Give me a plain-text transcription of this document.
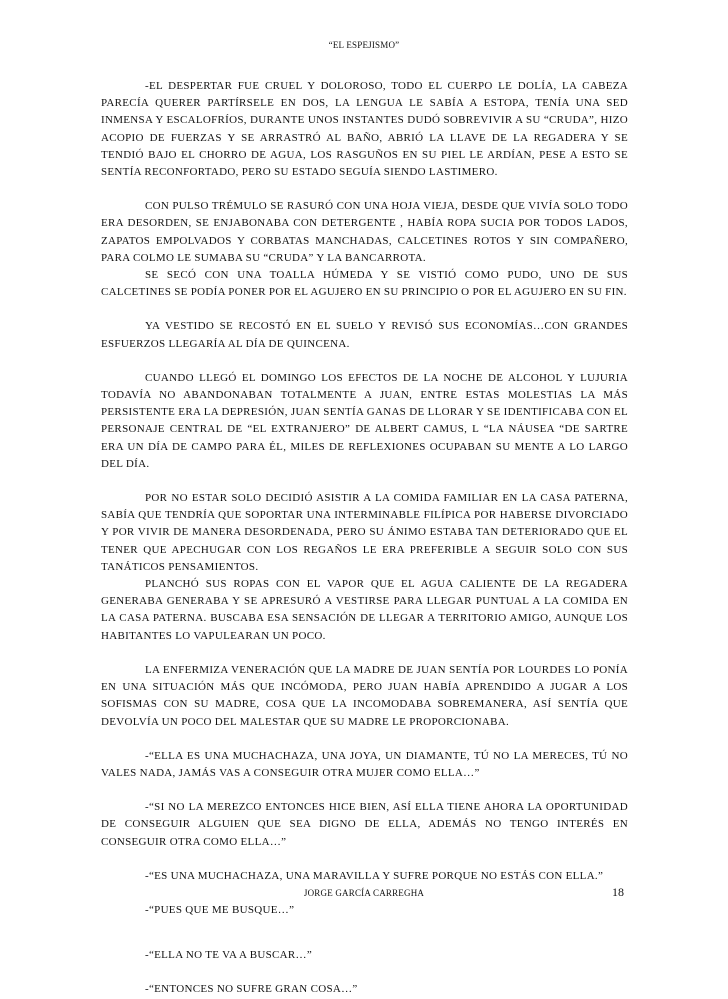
“EL ESPEJISMO”

-EL DESPERTAR FUE CRUEL Y DOLOROSO, TODO EL CUERPO LE DOLÍA, LA CABEZA PARECÍA QUERER PARTÍRSELE EN DOS, LA LENGUA LE SABÍA A ESTOPA, TENÍA UNA SED INMENSA Y ESCALOFRÍOS, DURANTE UNOS INSTANTES DUDÓ SOBREVIVIR A SU “CRUDA”, HIZO ACOPIO DE FUERZAS Y SE ARRASTRÓ AL BAÑO, ABRIÓ LA LLAVE DE LA REGADERA Y SE TENDIÓ BAJO EL CHORRO DE AGUA, LOS RASGUÑOS EN SU PIEL LE ARDÍAN, PESE A ESTO SE SENTÍA RECONFORTADO, PERO SU ESTADO SEGUÍA SIENDO LASTIMERO.

CON PULSO TRÉMULO SE RASURÓ CON UNA HOJA VIEJA, DESDE QUE VIVÍA SOLO TODO ERA DESORDEN, SE ENJABONABA CON DETERGENTE , HABÍA ROPA SUCIA POR TODOS LADOS, ZAPATOS EMPOLVADOS Y CORBATAS MANCHADAS, CALCETINES ROTOS Y SIN COMPAÑERO, PARA COLMO LE SUMABA SU “CRUDA” Y LA BANCARROTA.

SE SECÓ CON UNA TOALLA HÚMEDA Y SE VISTIÓ COMO PUDO, UNO DE SUS CALCETINES SE PODÍA PONER POR EL AGUJERO EN SU PRINCIPIO O POR EL AGUJERO EN SU FIN.

YA VESTIDO SE RECOSTÓ EN EL SUELO Y REVISÓ SUS ECONOMÍAS…CON GRANDES ESFUERZOS LLEGARÍA AL DÍA DE QUINCENA.

CUANDO LLEGÓ EL DOMINGO LOS EFECTOS DE LA NOCHE DE ALCOHOL Y LUJURIA TODAVÍA NO ABANDONABAN TOTALMENTE A JUAN, ENTRE ESTAS MOLESTIAS LA MÁS PERSISTENTE ERA LA DEPRESIÓN, JUAN SENTÍA GANAS DE LLORAR Y SE IDENTIFICABA CON EL PERSONAJE CENTRAL DE “EL EXTRANJERO” DE ALBERT CAMUS, L “LA NÁUSEA “DE SARTRE ERA UN DÍA DE CAMPO PARA ÉL, MILES DE REFLEXIONES OCUPABAN SU MENTE A LO LARGO DEL DÍA.

POR NO ESTAR SOLO DECIDIÓ ASISTIR A LA COMIDA FAMILIAR EN LA CASA PATERNA, SABÍA QUE TENDRÍA QUE SOPORTAR UNA INTERMINABLE FILÍPICA POR HABERSE DIVORCIADO Y POR VIVIR DE MANERA DESORDENADA, PERO SU ÁNIMO ESTABA TAN DETERIORADO QUE EL TENER QUE APECHUGAR CON LOS REGAÑOS LE ERA PREFERIBLE A SEGUIR SOLO CON SUS TANÁTICOS PENSAMIENTOS.

PLANCHÓ SUS ROPAS CON EL VAPOR QUE EL AGUA CALIENTE DE LA REGADERA GENERABA GENERABA Y SE APRESURÓ A VESTIRSE PARA LLEGAR PUNTUAL A LA COMIDA EN LA CASA PATERNA. BUSCABA ESA SENSACIÓN DE LLEGAR A TERRITORIO AMIGO, AUNQUE LOS HABITANTES LO VAPULEARAN UN POCO.

LA ENFERMIZA VENERACIÓN QUE LA MADRE DE JUAN SENTÍA POR LOURDES LO PONÍA EN UNA SITUACIÓN MÁS QUE INCÓMODA, PERO JUAN HABÍA APRENDIDO A JUGAR A LOS SOFISMAS CON SU MADRE, COSA QUE LA INCOMODABA SOBREMANERA, ASÍ SENTÍA QUE DEVOLVÍA UN POCO DEL MALESTAR QUE SU MADRE LE PROPORCIONABA.

-“ELLA ES UNA MUCHACHAZA, UNA JOYA, UN DIAMANTE, TÚ NO LA MERECES, TÚ NO VALES NADA, JAMÁS VAS A CONSEGUIR OTRA MUJER COMO ELLA…”

-“SI NO LA MEREZCO ENTONCES HICE BIEN, ASÍ ELLA TIENE AHORA LA OPORTUNIDAD DE CONSEGUIR ALGUIEN QUE SEA DIGNO DE ELLA, ADEMÁS NO TENGO INTERÉS EN CONSEGUIR OTRA COMO ELLA…”

-“ES UNA MUCHACHAZA, UNA MARAVILLA Y SUFRE PORQUE NO ESTÁS CON ELLA.”

-“PUES QUE ME BUSQUE…”

-“ELLA NO TE VA A BUSCAR…”

-“ENTONCES NO SUFRE GRAN COSA…”

JORGE GARCÍA CARREGHA	18
